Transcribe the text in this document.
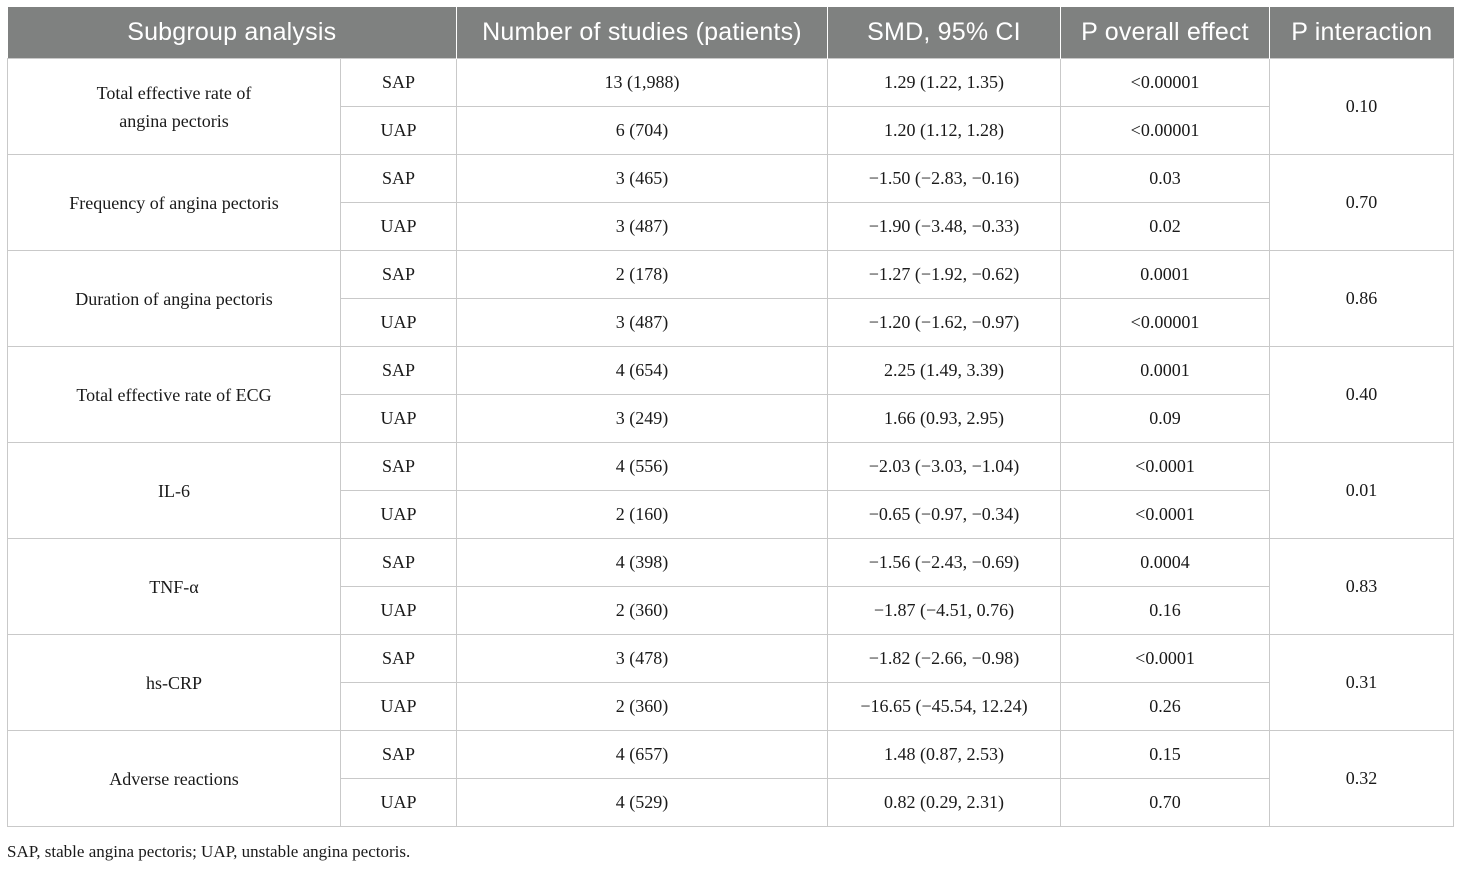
Subgroup analysis		Number of studies (patients)	SMD, 95% CI	P overall effect	P interaction

Total effective rate of
angina pectoris	SAP	13 (1,988)	1.29 (1.22, 1.35)	<0.00001	0.10
	UAP	6 (704)	1.20 (1.12, 1.28)	<0.00001	

Frequency of angina pectoris	SAP	3 (465)	−1.50 (−2.83, −0.16)	0.03	0.70
	UAP	3 (487)	−1.90 (−3.48, −0.33)	0.02	

Duration of angina pectoris	SAP	2 (178)	−1.27 (−1.92, −0.62)	0.0001	0.86
	UAP	3 (487)	−1.20 (−1.62, −0.97)	<0.00001	

Total effective rate of ECG	SAP	4 (654)	2.25 (1.49, 3.39)	0.0001	0.40
	UAP	3 (249)	1.66 (0.93, 2.95)	0.09	

IL-6	SAP	4 (556)	−2.03 (−3.03, −1.04)	<0.0001	0.01
	UAP	2 (160)	−0.65 (−0.97, −0.34)	<0.0001	

TNF-α	SAP	4 (398)	−1.56 (−2.43, −0.69)	0.0004	0.83
	UAP	2 (360)	−1.87 (−4.51, 0.76)	0.16	

hs-CRP	SAP	3 (478)	−1.82 (−2.66, −0.98)	<0.0001	0.31
	UAP	2 (360)	−16.65 (−45.54, 12.24)	0.26	

Adverse reactions	SAP	4 (657)	1.48 (0.87, 2.53)	0.15	0.32
	UAP	4 (529)	0.82 (0.29, 2.31)	0.70	
SAP, stable angina pectoris; UAP, unstable angina pectoris.
